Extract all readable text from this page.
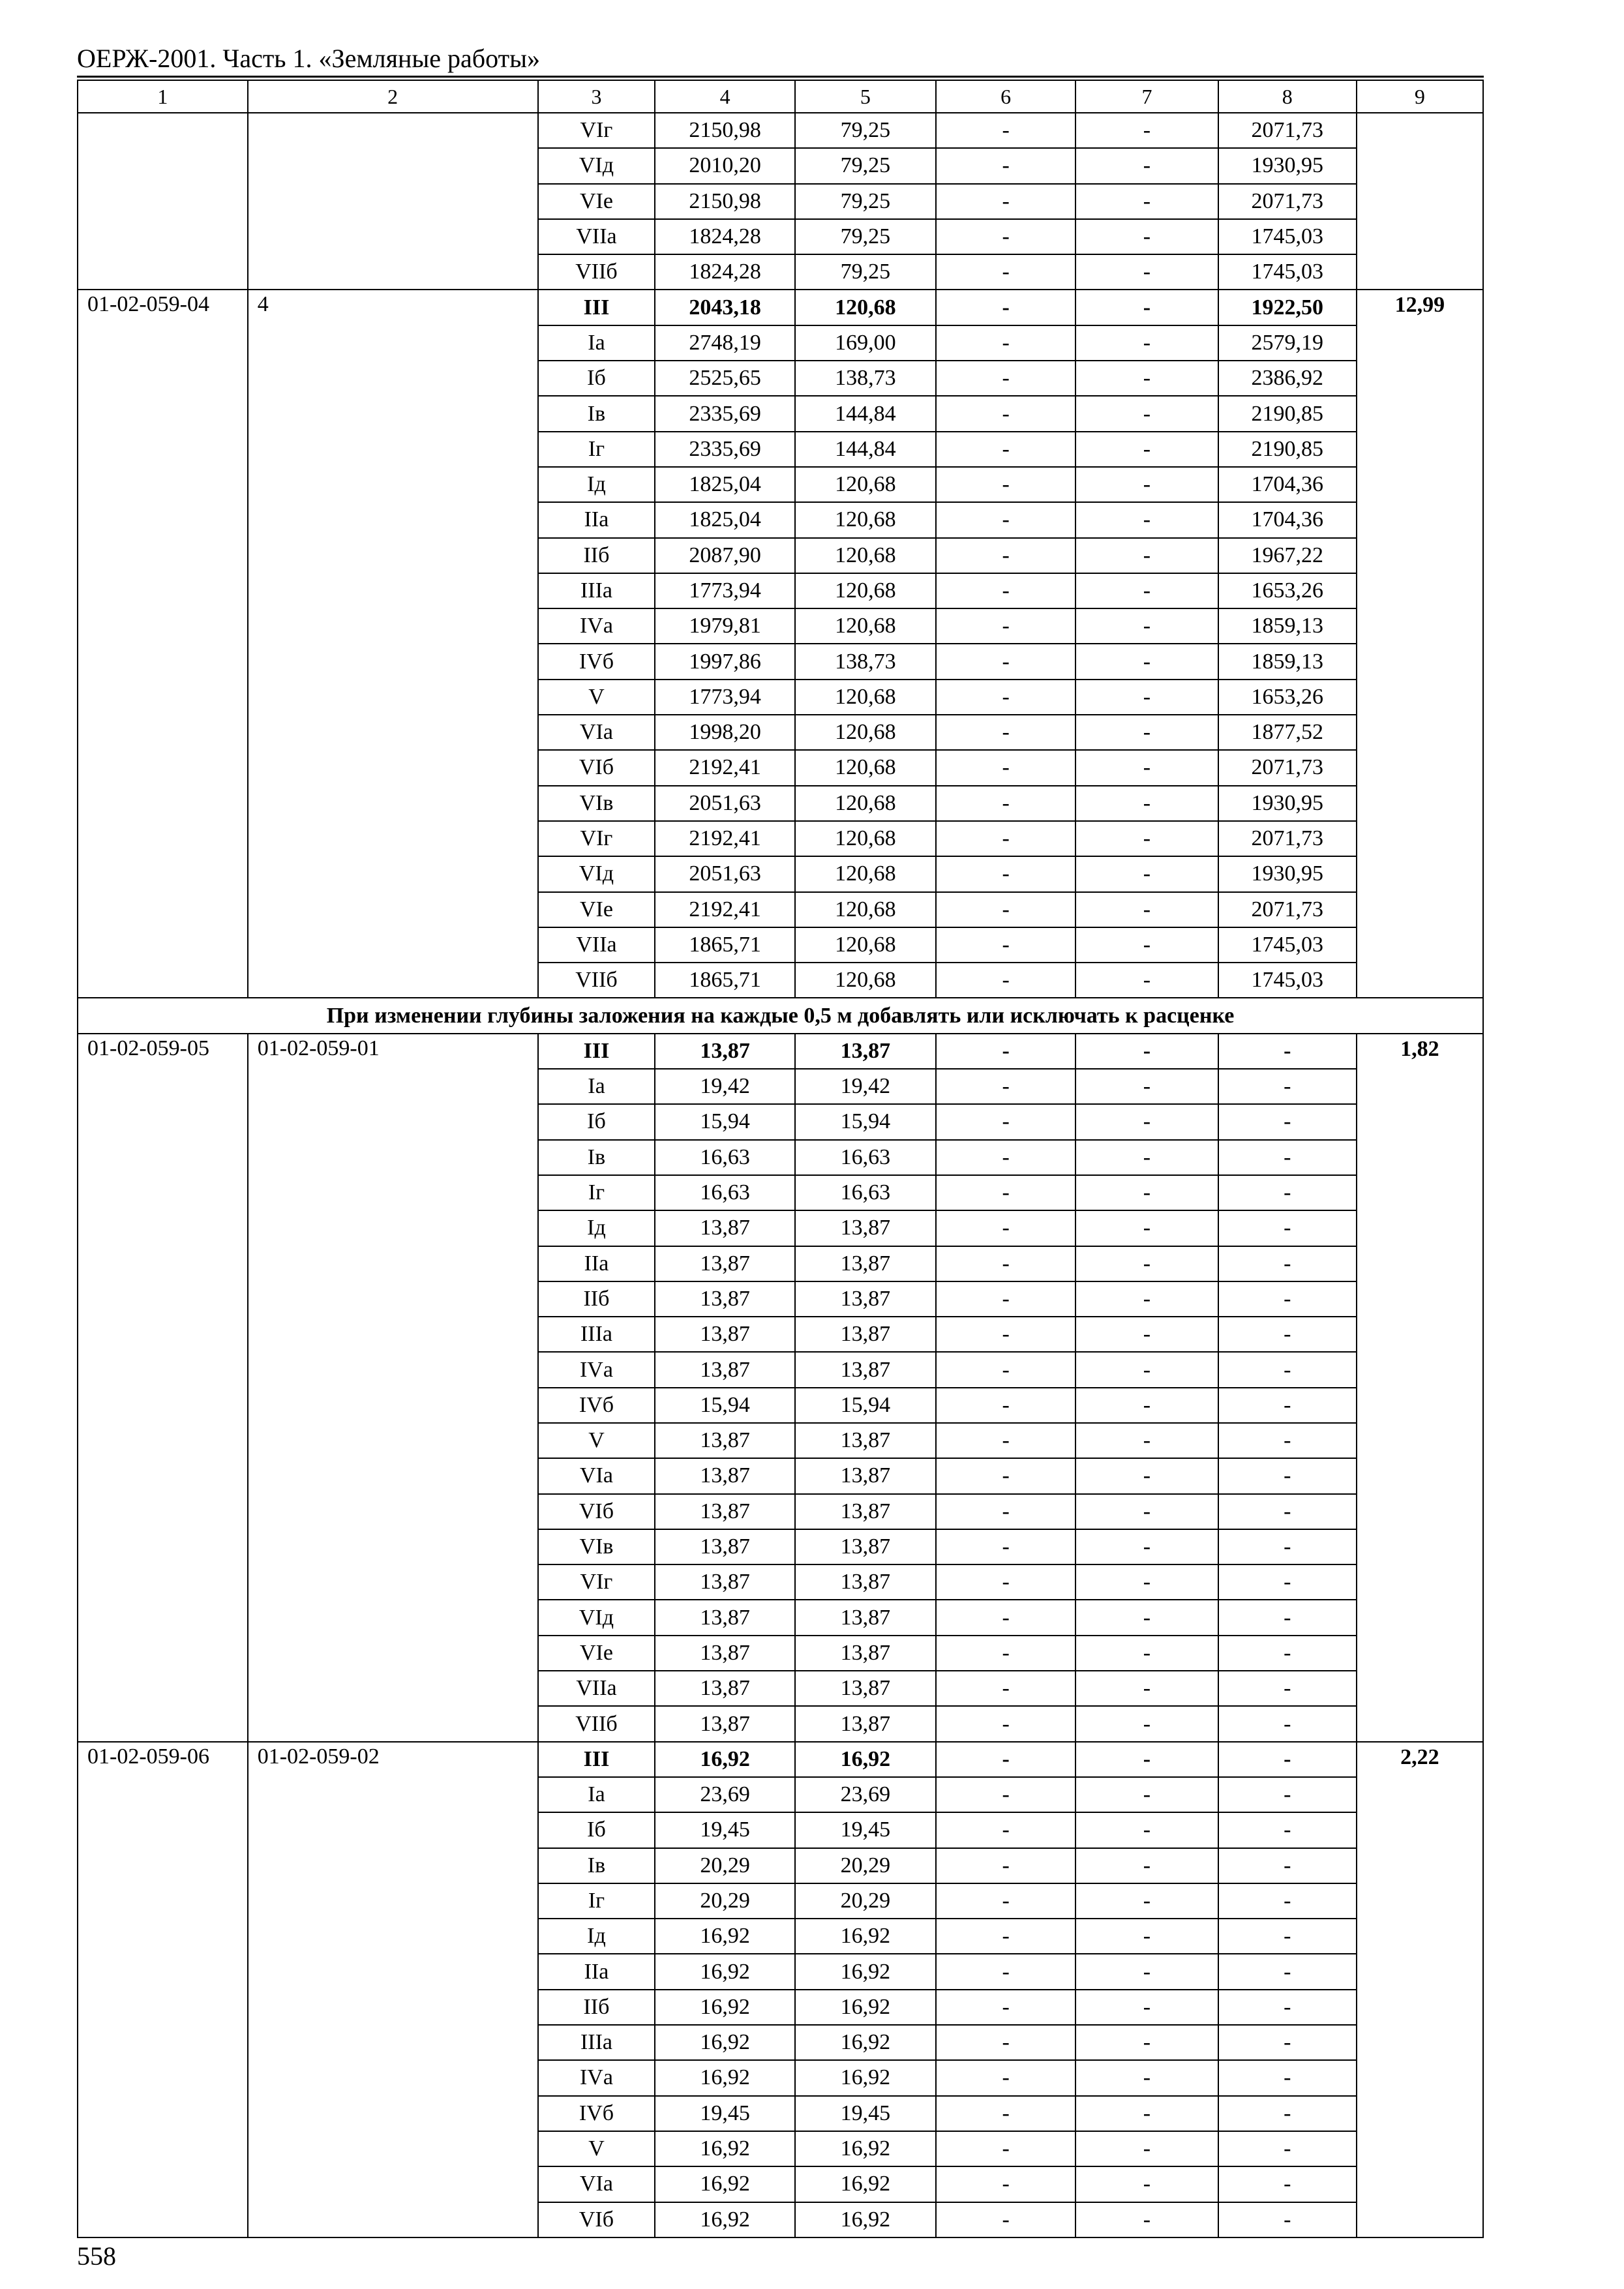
ОЕРЖ-2001. Часть 1. «Земляные работы»
1	2	3	4	5	6	7	8	9
		VIг	2150,98	79,25	-	-	2071,73	
		VIд	2010,20	79,25	-	-	1930,95	
		VIе	2150,98	79,25	-	-	2071,73	
		VIIа	1824,28	79,25	-	-	1745,03	
		VIIб	1824,28	79,25	-	-	1745,03	
01-02-059-04	4	III	2043,18	120,68	-	-	1922,50	12,99
		Iа	2748,19	169,00	-	-	2579,19	
		Iб	2525,65	138,73	-	-	2386,92	
		Iв	2335,69	144,84	-	-	2190,85	
		Iг	2335,69	144,84	-	-	2190,85	
		Iд	1825,04	120,68	-	-	1704,36	
		IIа	1825,04	120,68	-	-	1704,36	
		IIб	2087,90	120,68	-	-	1967,22	
		IIIа	1773,94	120,68	-	-	1653,26	
		IVа	1979,81	120,68	-	-	1859,13	
		IVб	1997,86	138,73	-	-	1859,13	
		V	1773,94	120,68	-	-	1653,26	
		VIа	1998,20	120,68	-	-	1877,52	
		VIб	2192,41	120,68	-	-	2071,73	
		VIв	2051,63	120,68	-	-	1930,95	
		VIг	2192,41	120,68	-	-	2071,73	
		VIд	2051,63	120,68	-	-	1930,95	
		VIе	2192,41	120,68	-	-	2071,73	
		VIIа	1865,71	120,68	-	-	1745,03	
		VIIб	1865,71	120,68	-	-	1745,03	
При изменении глубины заложения на каждые 0,5 м добавлять или исключать к расценке								
01-02-059-05	01-02-059-01	III	13,87	13,87	-	-	-	1,82
		Iа	19,42	19,42	-	-	-	
		Iб	15,94	15,94	-	-	-	
		Iв	16,63	16,63	-	-	-	
		Iг	16,63	16,63	-	-	-	
		Iд	13,87	13,87	-	-	-	
		IIа	13,87	13,87	-	-	-	
		IIб	13,87	13,87	-	-	-	
		IIIа	13,87	13,87	-	-	-	
		IVа	13,87	13,87	-	-	-	
		IVб	15,94	15,94	-	-	-	
		V	13,87	13,87	-	-	-	
		VIа	13,87	13,87	-	-	-	
		VIб	13,87	13,87	-	-	-	
		VIв	13,87	13,87	-	-	-	
		VIг	13,87	13,87	-	-	-	
		VIд	13,87	13,87	-	-	-	
		VIе	13,87	13,87	-	-	-	
		VIIа	13,87	13,87	-	-	-	
		VIIб	13,87	13,87	-	-	-	
01-02-059-06	01-02-059-02	III	16,92	16,92	-	-	-	2,22
		Iа	23,69	23,69	-	-	-	
		Iб	19,45	19,45	-	-	-	
		Iв	20,29	20,29	-	-	-	
		Iг	20,29	20,29	-	-	-	
		Iд	16,92	16,92	-	-	-	
		IIа	16,92	16,92	-	-	-	
		IIб	16,92	16,92	-	-	-	
		IIIа	16,92	16,92	-	-	-	
		IVа	16,92	16,92	-	-	-	
		IVб	19,45	19,45	-	-	-	
		V	16,92	16,92	-	-	-	
		VIа	16,92	16,92	-	-	-	
		VIб	16,92	16,92	-	-	-	
558
